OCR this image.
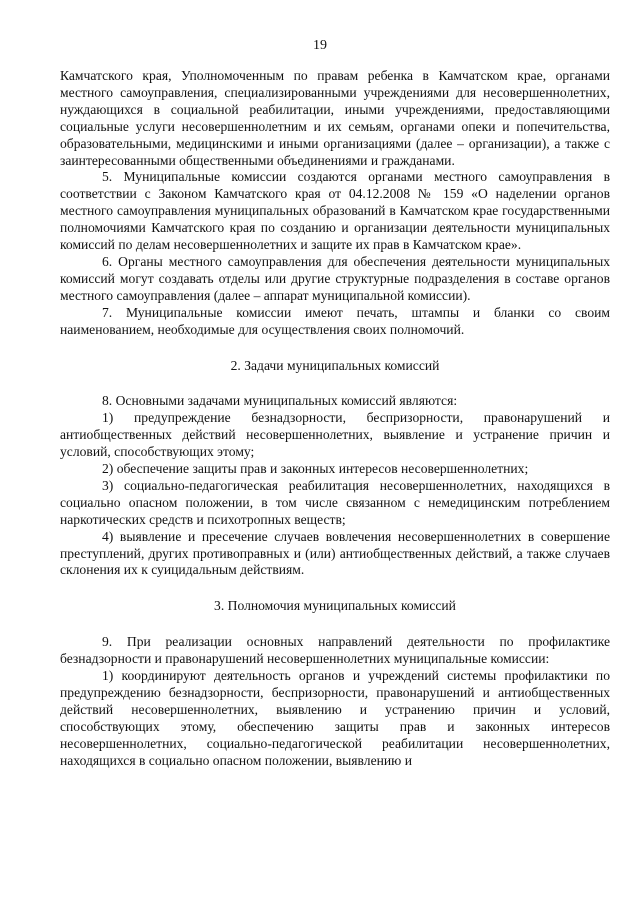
19

Камчатского края, Уполномоченным по правам ребенка в Камчатском крае, органами местного самоуправления, специализированными учреждениями для несовершеннолетних, нуждающихся в социальной реабилитации, иными учреждениями, предоставляющими социальные услуги несовершеннолетним и их семьям, органами опеки и попечительства, образовательными, медицинскими и иными организациями (далее – организации), а также с заинтересованными общественными объединениями и гражданами.

5. Муниципальные комиссии создаются органами местного самоуправления в соответствии с Законом Камчатского края от 04.12.2008 № 159 «О наделении органов местного самоуправления муниципальных образований в Камчатском крае государственными полномочиями Камчатского края по созданию и организации деятельности муниципальных комиссий по делам несовершеннолетних и защите их прав в Камчатском крае».

6. Органы местного самоуправления для обеспечения деятельности муниципальных комиссий могут создавать отделы или другие структурные подразделения в составе органов местного самоуправления (далее – аппарат муниципальной комиссии).

7. Муниципальные комиссии имеют печать, штампы и бланки со своим наименованием, необходимые для осуществления своих полномочий.

2. Задачи муниципальных комиссий

8. Основными задачами муниципальных комиссий являются:

1) предупреждение безнадзорности, беспризорности, правонарушений и антиобщественных действий несовершеннолетних, выявление и устранение причин и условий, способствующих этому;

2) обеспечение защиты прав и законных интересов несовершеннолетних;

3) социально-педагогическая реабилитация несовершеннолетних, находящихся в социально опасном положении, в том числе связанном с немедицинским потреблением наркотических средств и психотропных веществ;

4) выявление и пресечение случаев вовлечения несовершеннолетних в совершение преступлений, других противоправных и (или) антиобщественных действий, а также случаев склонения их к суицидальным действиям.

3. Полномочия муниципальных комиссий

9. При реализации основных направлений деятельности по профилактике безнадзорности и правонарушений несовершеннолетних муниципальные комиссии:

1) координируют деятельность органов и учреждений системы профилактики по предупреждению безнадзорности, беспризорности, правонарушений и антиобщественных действий несовершеннолетних, выявлению и устранению причин и условий, способствующих этому, обеспечению защиты прав и законных интересов несовершеннолетних, социально-педагогической реабилитации несовершеннолетних, находящихся в социально опасном положении, выявлению и
